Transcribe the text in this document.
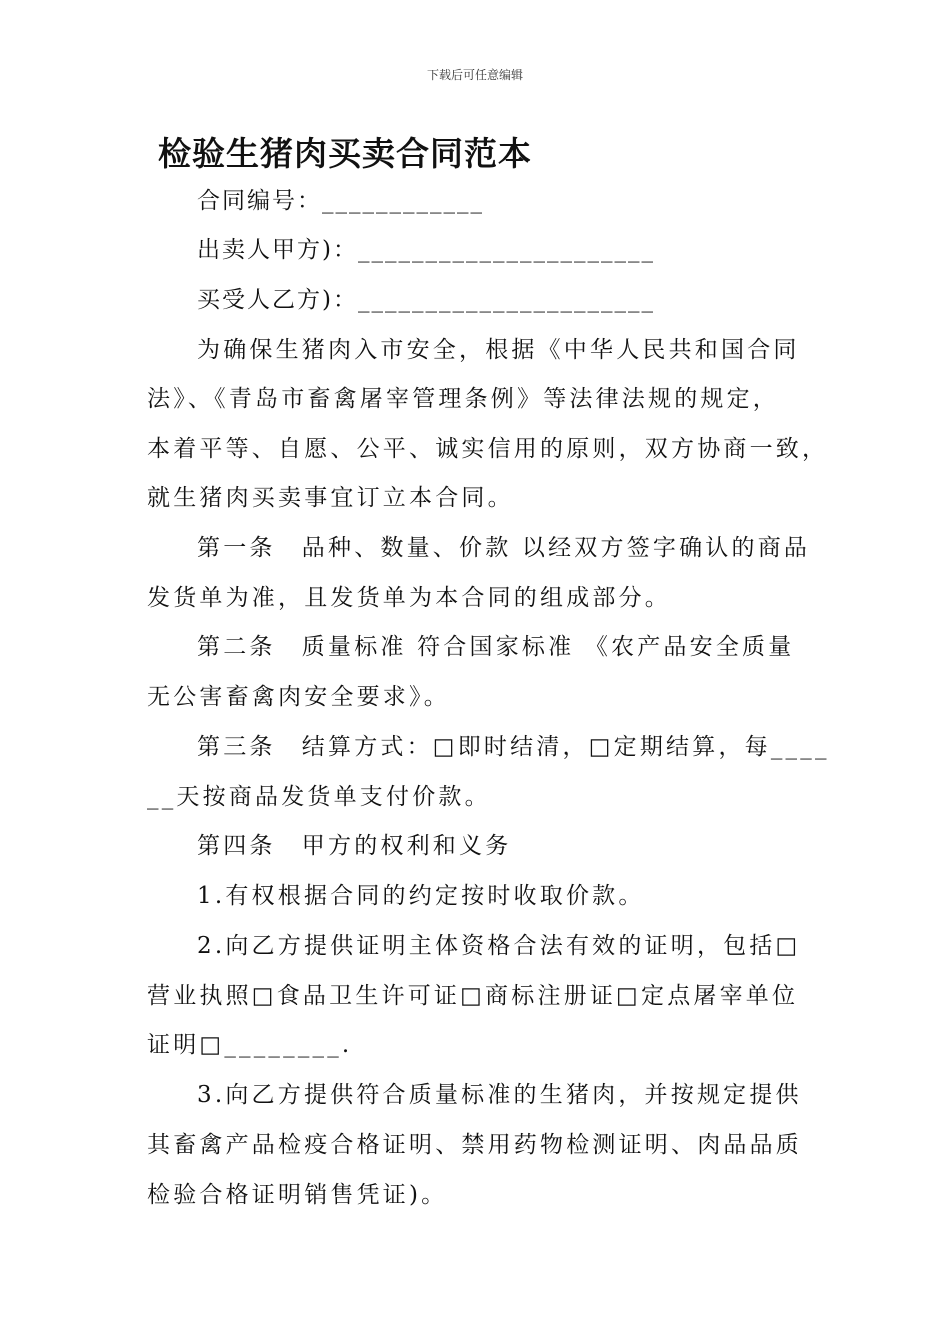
下载后可任意编辑
检验生猪肉买卖合同范本
合同编号：____________
出卖人甲方)：______________________
买受人乙方)：______________________
为确保生猪肉入市安全，根据《中华人民共和国合同
法》、《青岛市畜禽屠宰管理条例》等法律法规的规定，
本着平等、自愿、公平、诚实信用的原则，双方协商一致，
就生猪肉买卖事宜订立本合同。
第一条　品种、数量、价款 以经双方签字确认的商品
发货单为准，且发货单为本合同的组成部分。
第二条　质量标准 符合国家标准 《农产品安全质量
无公害畜禽肉安全要求》。
第三条　结算方式：□即时结清，□定期结算，每____
__天按商品发货单支付价款。
第四条　甲方的权利和义务
1.有权根据合同的约定按时收取价款。
2.向乙方提供证明主体资格合法有效的证明，包括□
营业执照□食品卫生许可证□商标注册证□定点屠宰单位
证明□________.
3.向乙方提供符合质量标准的生猪肉，并按规定提供
其畜禽产品检疫合格证明、禁用药物检测证明、肉品品质
检验合格证明销售凭证)。
